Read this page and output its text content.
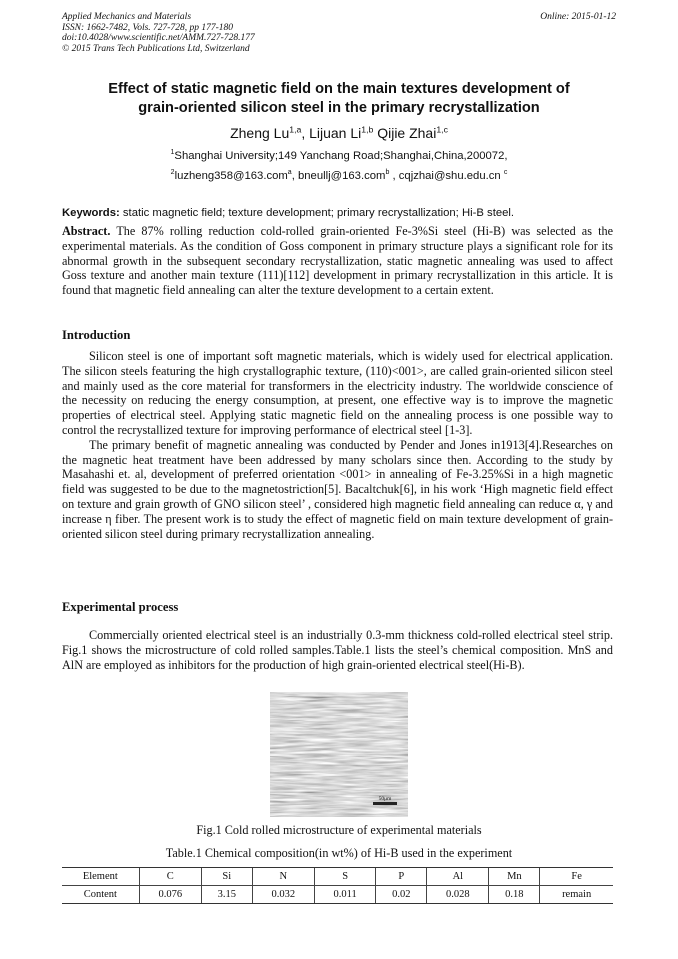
Applied Mechanics and Materials
ISSN: 1662-7482, Vols. 727-728, pp 177-180
doi:10.4028/www.scientific.net/AMM.727-728.177
© 2015 Trans Tech Publications Ltd, Switzerland
Online: 2015-01-12
Effect of static magnetic field on the main textures development of
grain-oriented silicon steel in the primary recrystallization
Zheng Lu$^{1,a}$, Lijuan Li$^{1,b}$ Qijie Zhai$^{1,c}$
$^1$Shanghai University;149 Yanchang Road;Shanghai,China,200072,
$^2$luzheng358@163.com$^a$, bneullj@163.com$^b$ , cqjzhai@shu.edu.cn $^c$
Keywords: static magnetic field; texture development; primary recrystallization; Hi-B steel.

Abstract. The 87% rolling reduction cold-rolled grain-oriented Fe-3%Si steel (Hi-B) was selected as the experimental materials. As the condition of Goss component in primary structure plays a significant role for its abnormal growth in the subsequent secondary recrystallization, static magnetic annealing was used to affect Goss texture and another main texture (111)[112] development in primary recrystallization in this article. It is found that magnetic field annealing can alter the texture development to a certain extent.

Introduction

Silicon steel is one of important soft magnetic materials, which is widely used for electrical application. The silicon steels featuring the high crystallographic texture, (110)<001>, are called grain-oriented silicon steel and mainly used as the core material for transformers in the electricity industry. The worldwide conscience of the necessity on reducing the energy consumption, at present, one effective way is to improve the magnetic properties of electrical steel. Applying static magnetic field on the annealing process is one possible way to control the recrystallized texture for improving performance of electrical steel [1-3].

The primary benefit of magnetic annealing was conducted by Pender and Jones in1913[4].Researches on the magnetic heat treatment have been addressed by many scholars since then. According to the study by Masahashi et. al, development of preferred orientation <001> in annealing of Fe-3.25%Si in a high magnetic field was suggested to be due to the magnetostriction[5]. Bacaltchuk[6], in his work ‘High magnetic field effect on texture and grain growth of GNO silicon steel’ , considered high magnetic field annealing can reduce α, γ and increase η fiber. The present work is to study the effect of magnetic field on main texture development of grain-oriented silicon steel during primary recrystallization annealing.

Experimental process

Commercially oriented electrical steel is an industrially 0.3-mm thickness cold-rolled electrical steel strip. Fig.1 shows the microstructure of cold rolled samples.Table.1 lists the steel’s chemical composition. MnS and AlN are employed as inhibitors for the production of high grain-oriented electrical steel(Hi-B).

50μm
Fig.1 Cold rolled microstructure of experimental materials
Table.1 Chemical composition(in wt%) of Hi-B used in the experiment
Element	C	Si	N	S	P	Al	Mn	Fe
Content	0.076	3.15	0.032	0.011	0.02	0.028	0.18	remain
